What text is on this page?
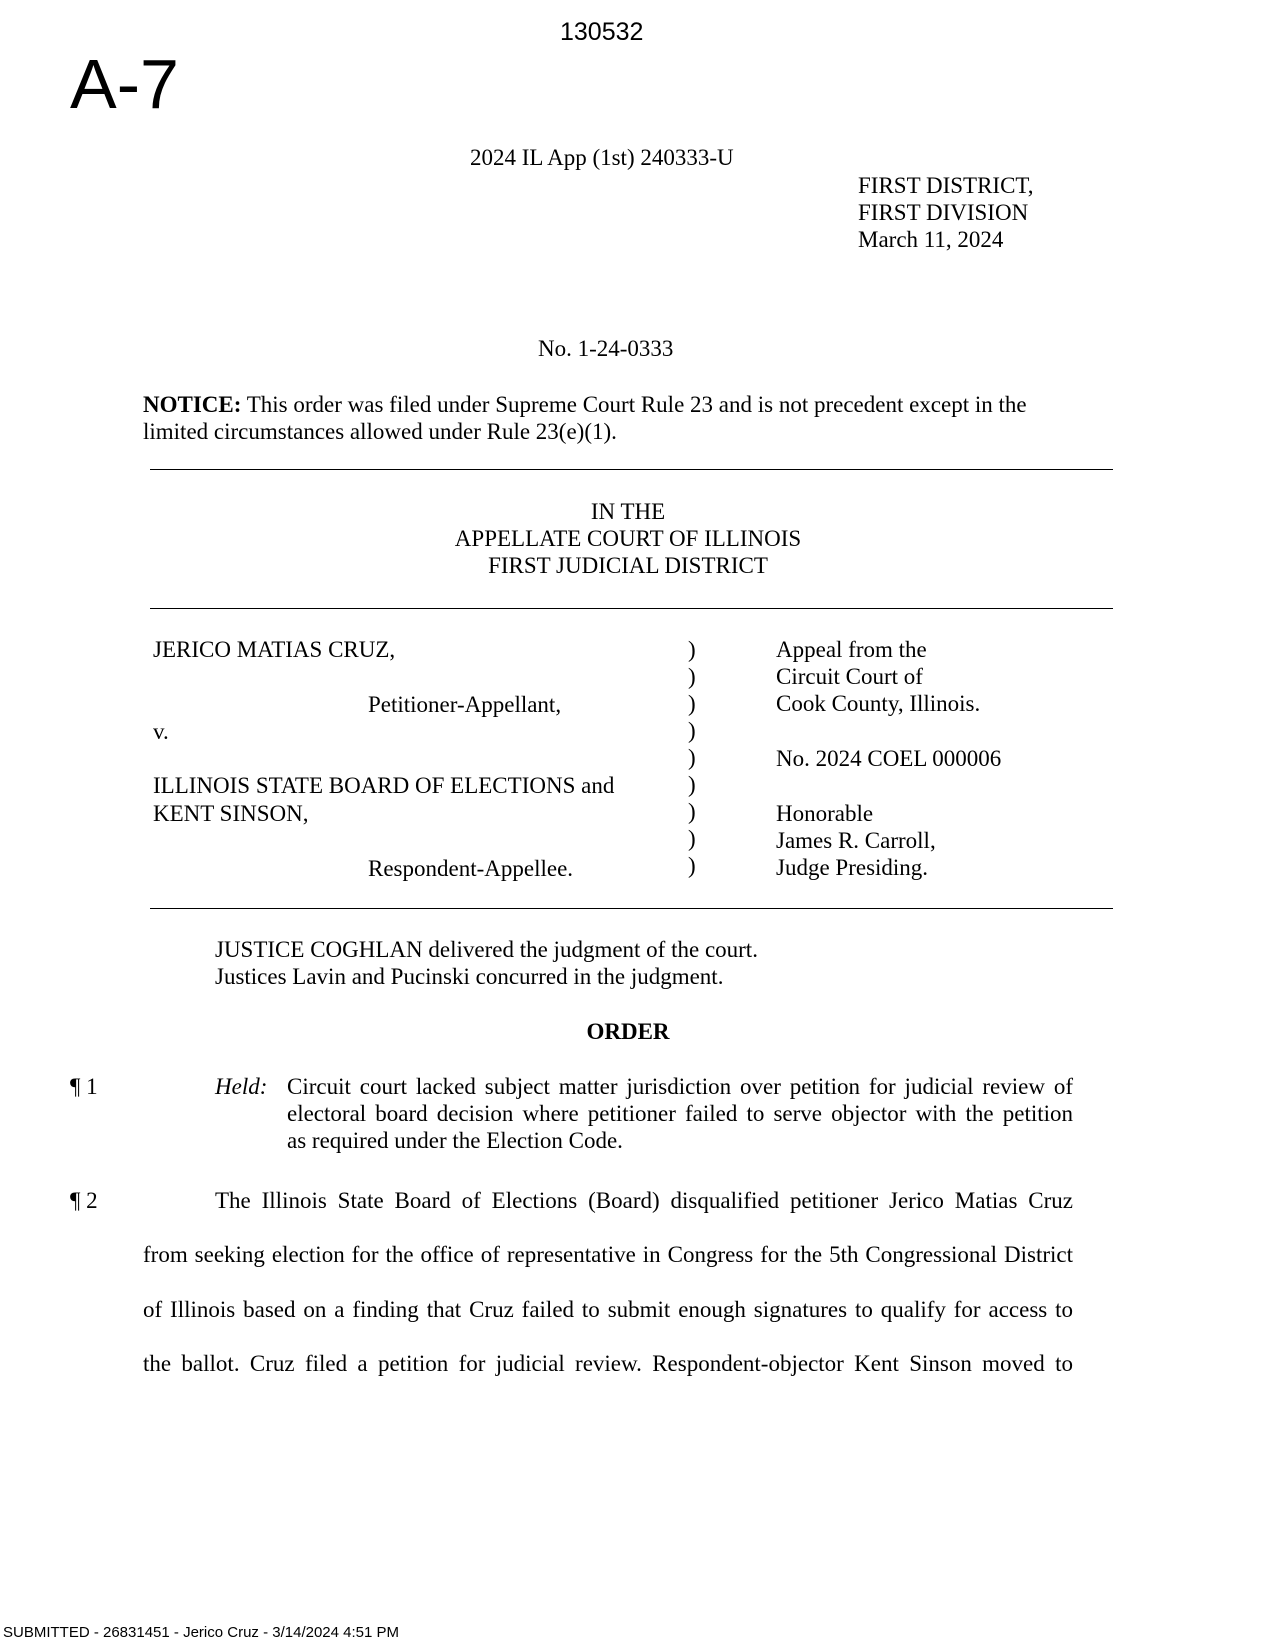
130532
A-7
2024 IL App (1st) 240333-U
FIRST DISTRICT,
FIRST DIVISION
March 11, 2024
No. 1-24-0333
NOTICE: This order was filed under Supreme Court Rule 23 and is not precedent except in the
limited circumstances allowed under Rule 23(e)(1).
IN THE
APPELLATE COURT OF ILLINOIS
FIRST JUDICIAL DISTRICT
JERICO MATIAS CRUZ,
Petitioner-Appellant,
v.
ILLINOIS STATE BOARD OF ELECTIONS and
KENT SINSON,
Respondent-Appellee.
)
)
)
)
)
)
)
)
)
Appeal from the
Circuit Court of
Cook County, Illinois.
No. 2024 COEL 000006
Honorable
James R. Carroll,
Judge Presiding.
JUSTICE COGHLAN delivered the judgment of the court.
Justices Lavin and Pucinski concurred in the judgment.
ORDER
¶ 1	Held: Circuit court lacked subject matter jurisdiction over petition for judicial review of
electoral board decision where petitioner failed to serve objector with the petition
as required under the Election Code.
¶ 2	The Illinois State Board of Elections (Board) disqualified petitioner Jerico Matias Cruz
from seeking election for the office of representative in Congress for the 5th Congressional District
of Illinois based on a finding that Cruz failed to submit enough signatures to qualify for access to
the ballot. Cruz filed a petition for judicial review. Respondent-objector Kent Sinson moved to
SUBMITTED - 26831451 - Jerico Cruz - 3/14/2024 4:51 PM
